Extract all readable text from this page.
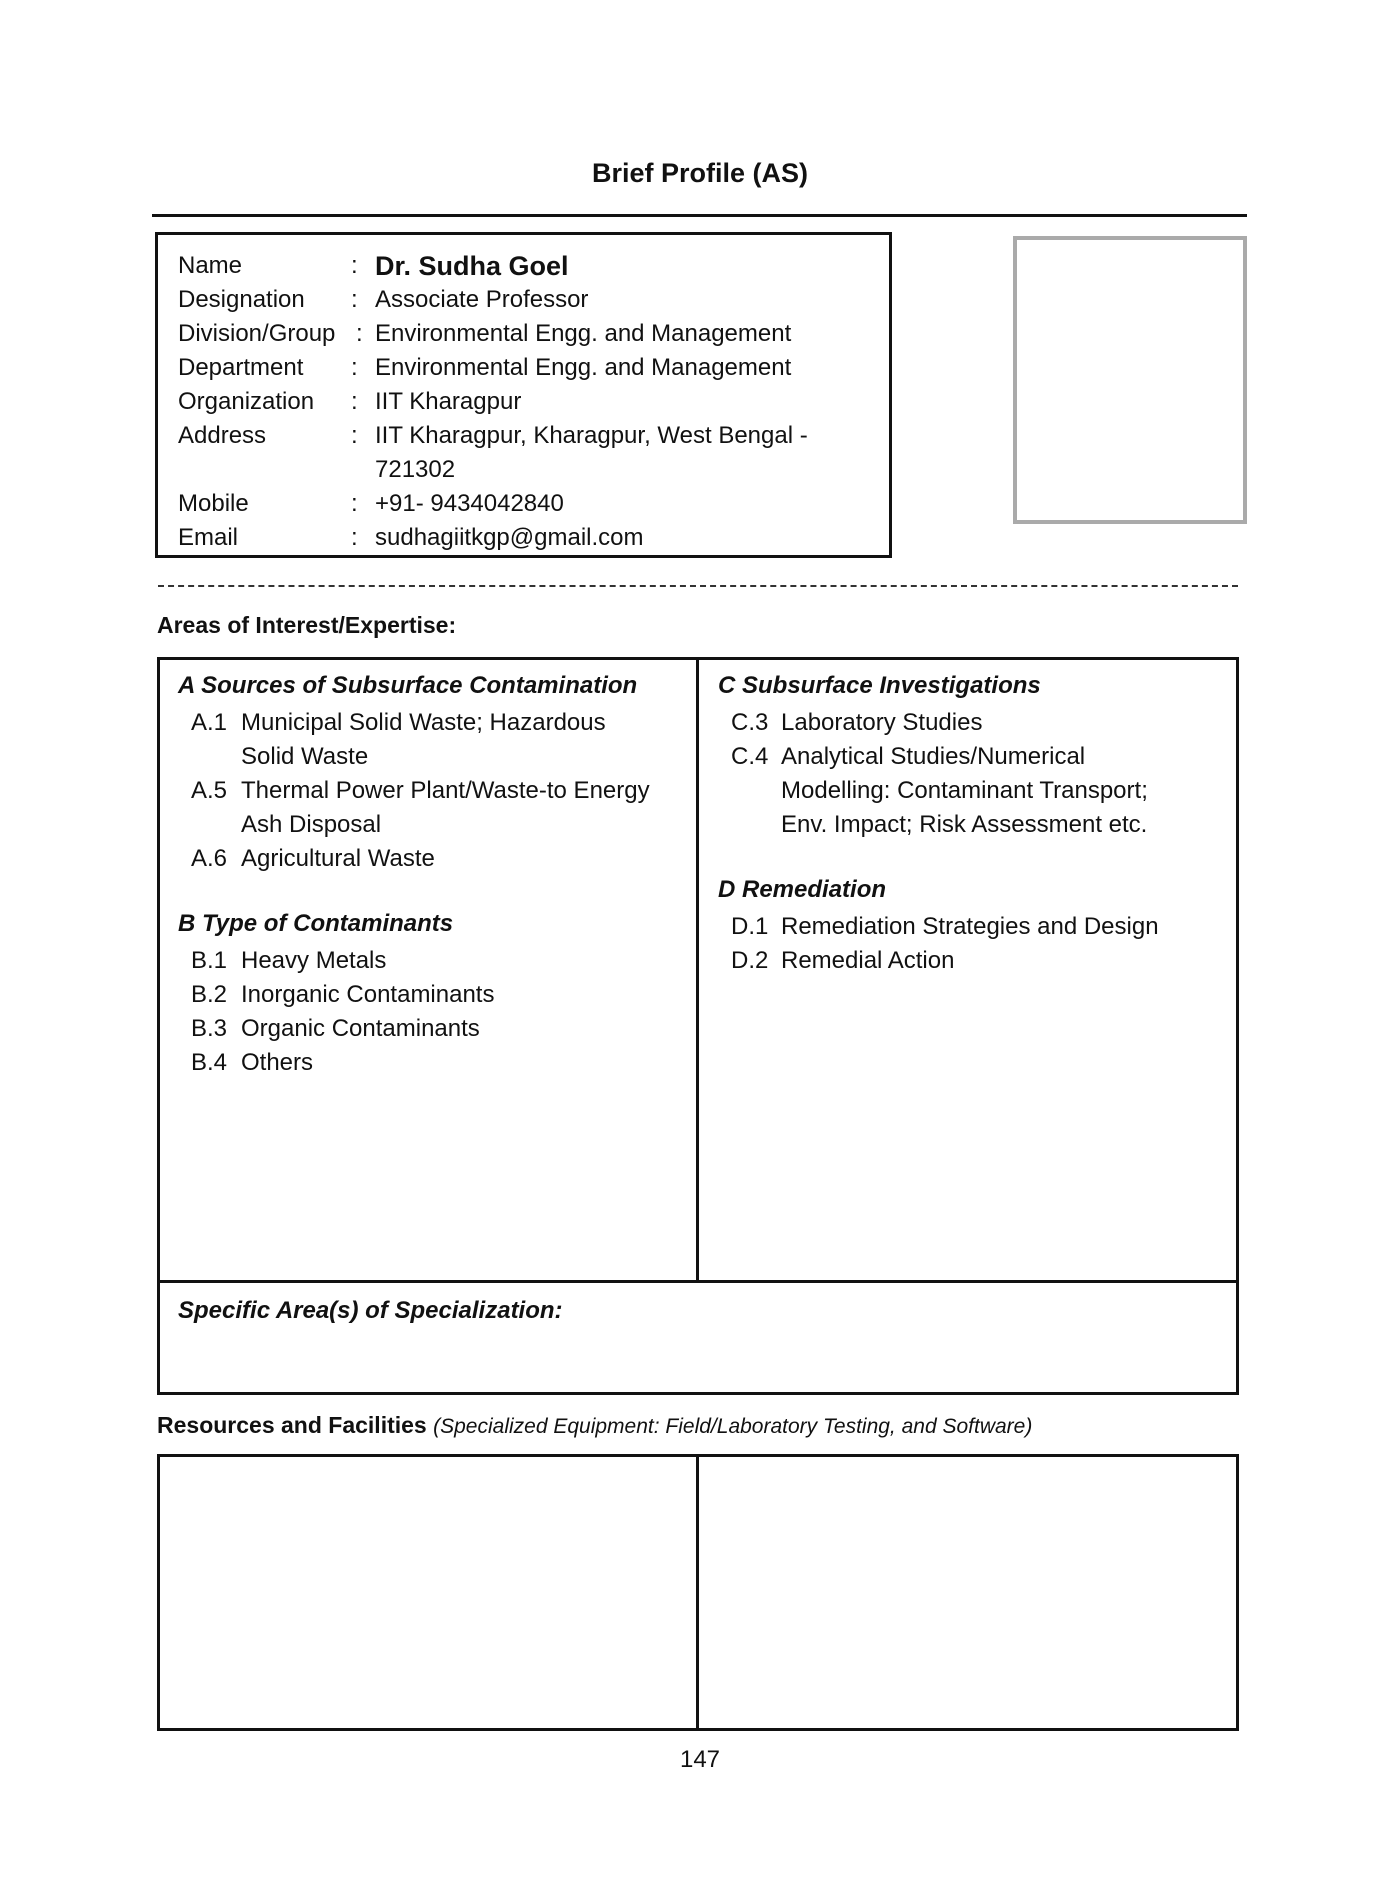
Brief Profile (AS)
Name	: Dr. Sudha Goel
Designation	: Associate Professor
Division/Group : Environmental Engg. and Management
Department	: Environmental Engg. and Management
Organization	: IIT Kharagpur
Address	: IIT Kharagpur, Kharagpur, West Bengal -
721302
Mobile	: +91- 9434042840
Email	: sudhagiitkgp@gmail.com
Areas of Interest/Expertise:
A Sources of Subsurface Contamination
A.1 Municipal Solid Waste; Hazardous
Solid Waste
A.5 Thermal Power Plant/Waste-to Energy
Ash Disposal
A.6 Agricultural Waste
B Type of Contaminants
B.1 Heavy Metals
B.2 Inorganic Contaminants
B.3 Organic Contaminants
B.4 Others
C Subsurface Investigations
C.3 Laboratory Studies
C.4 Analytical Studies/Numerical
Modelling: Contaminant Transport;
Env. Impact; Risk Assessment etc.
D Remediation
D.1 Remediation Strategies and Design
D.2 Remedial Action
Specific Area(s) of Specialization:
Resources and Facilities (Specialized Equipment: Field/Laboratory Testing, and Software)
147
